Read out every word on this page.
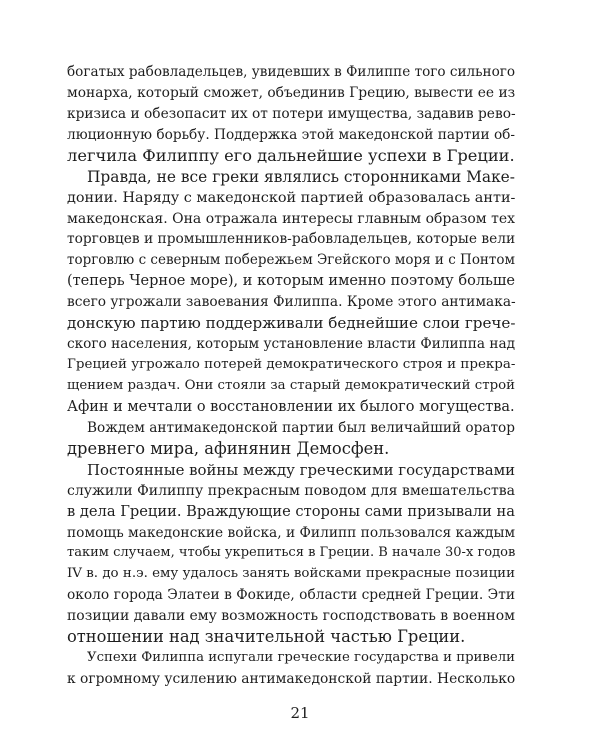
богатых рабовладельцев, увидевших в Филиппе того сильного
монарха, который сможет, объединив Грецию, вывести ее из
кризиса и обезопасит их от потери имущества, задавив рево-
люционную борьбу. Поддержка этой македонской партии об-
легчила Филиппу его дальнейшие успехи в Греции.
Правда, не все греки являлись сторонниками Маке-
донии. Наряду с македонской партией образовалась анти-
македонская. Она отражала интересы главным образом тех
торговцев и промышленников-рабовладельцев, которые вели
торговлю с северным побережьем Эгейского моря и с Понтом
(теперь Черное море), и которым именно поэтому больше
всего угрожали завоевания Филиппа. Кроме этого антимака-
донскую партию поддерживали беднейшие слои грече-
ского населения, которым установление власти Филиппа над
Грецией угрожало потерей демократического строя и прекра-
щением раздач. Они стояли за старый демократический строй
Афин и мечтали о восстановлении их былого могущества.
Вождем антимакедонской партии был величайший оратор
древнего мира, афинянин Демосфен.
Постоянные войны между греческими государствами
служили Филиппу прекрасным поводом для вмешательства
в дела Греции. Враждующие стороны сами призывали на
помощь македонские войска, и Филипп пользовался каждым
таким случаем, чтобы укрепиться в Греции. В начале 30-х годов
IV в. до н.э. ему удалось занять войсками прекрасные позиции
около города Элатеи в Фокиде, области средней Греции. Эти
позиции давали ему возможность господствовать в военном
отношении над значительной частью Греции.
Успехи Филиппа испугали греческие государства и привели
к огромному усилению антимакедонской партии. Несколько
21
